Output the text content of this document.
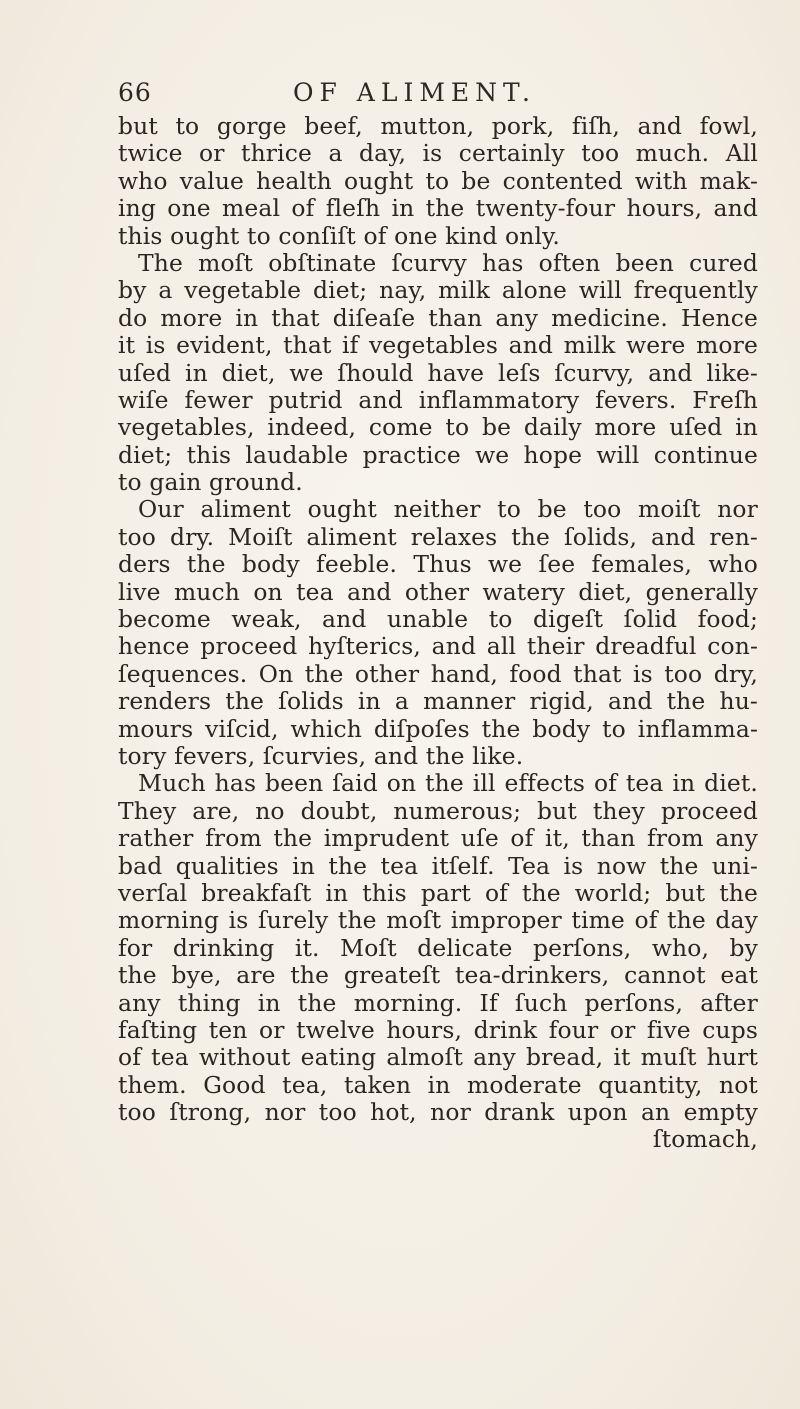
66	OF ALIMENT.
but to gorge beef, mutton, pork, fiſh, and fowl,
twice or thrice a day, is certainly too much. All
who value health ought to be contented with mak-
ing one meal of fleſh in the twenty-four hours, and
this ought to conſiſt of one kind only.
The moſt obſtinate ſcurvy has often been cured
by a vegetable diet; nay, milk alone will frequently
do more in that diſeaſe than any medicine. Hence
it is evident, that if vegetables and milk were more
uſed in diet, we ſhould have leſs ſcurvy, and like-
wiſe fewer putrid and inflammatory fevers. Freſh
vegetables, indeed, come to be daily more uſed in
diet; this laudable practice we hope will continue
to gain ground.
Our aliment ought neither to be too moiſt nor
too dry. Moiſt aliment relaxes the ſolids, and ren-
ders the body feeble. Thus we ſee females, who
live much on tea and other watery diet, generally
become weak, and unable to digeſt ſolid food;
hence proceed hyſterics, and all their dreadful con-
ſequences. On the other hand, food that is too dry,
renders the ſolids in a manner rigid, and the hu-
mours viſcid, which diſpoſes the body to inflamma-
tory fevers, ſcurvies, and the like.
Much has been ſaid on the ill effects of tea in diet.
They are, no doubt, numerous; but they proceed
rather from the imprudent uſe of it, than from any
bad qualities in the tea itſelf. Tea is now the uni-
verſal breakfaſt in this part of the world; but the
morning is ſurely the moſt improper time of the day
for drinking it. Moſt delicate perſons, who, by
the bye, are the greateſt tea-drinkers, cannot eat
any thing in the morning. If ſuch perſons, after
faſting ten or twelve hours, drink four or five cups
of tea without eating almoſt any bread, it muſt hurt
them. Good tea, taken in moderate quantity, not
too ſtrong, nor too hot, nor drank upon an empty
ſtomach,
